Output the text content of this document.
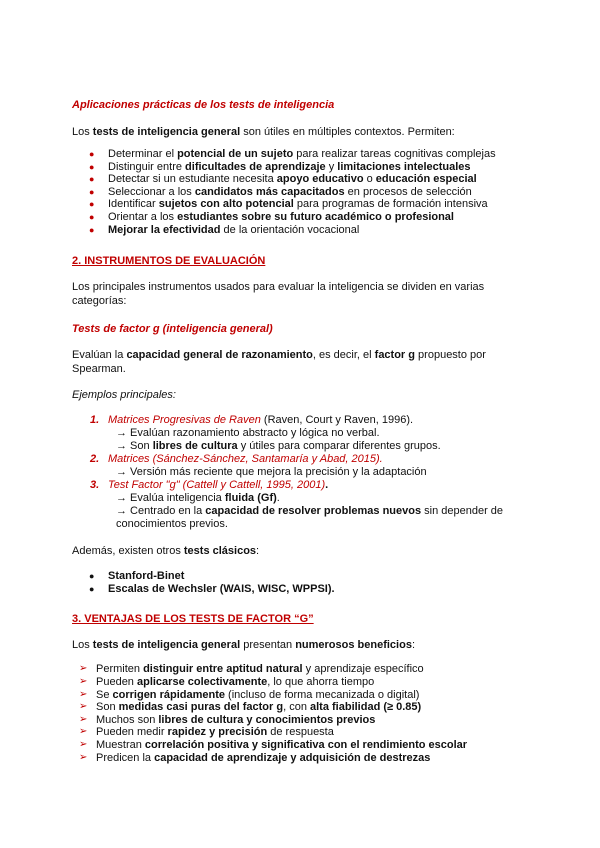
Aplicaciones prácticas de los tests de inteligencia

Los tests de inteligencia general son útiles en múltiples contextos. Permiten:

● Determinar el potencial de un sujeto para realizar tareas cognitivas complejas
● Distinguir entre dificultades de aprendizaje y limitaciones intelectuales
● Detectar si un estudiante necesita apoyo educativo o educación especial
● Seleccionar a los candidatos más capacitados en procesos de selección
● Identificar sujetos con alto potencial para programas de formación intensiva
● Orientar a los estudiantes sobre su futuro académico o profesional
● Mejorar la efectividad de la orientación vocacional

2. INSTRUMENTOS DE EVALUACIÓN

Los principales instrumentos usados para evaluar la inteligencia se dividen en varias categorías:

Tests de factor g (inteligencia general)

Evalúan la capacidad general de razonamiento, es decir, el factor g propuesto por Spearman.

Ejemplos principales:

1. Matrices Progresivas de Raven (Raven, Court y Raven, 1996).
→ Evalúan razonamiento abstracto y lógica no verbal.
→ Son libres de cultura y útiles para comparar diferentes grupos.
2. Matrices (Sánchez-Sánchez, Santamaría y Abad, 2015).
→ Versión más reciente que mejora la precisión y la adaptación
3. Test Factor "g" (Cattell y Cattell, 1995, 2001).
→ Evalúa inteligencia fluida (Gf).
→ Centrado en la capacidad de resolver problemas nuevos sin depender de conocimientos previos.

Además, existen otros tests clásicos:

● Stanford-Binet
● Escalas de Wechsler (WAIS, WISC, WPPSI).

3. VENTAJAS DE LOS TESTS DE FACTOR “G”

Los tests de inteligencia general presentan numerosos beneficios:

➢ Permiten distinguir entre aptitud natural y aprendizaje específico
➢ Pueden aplicarse colectivamente, lo que ahorra tiempo
➢ Se corrigen rápidamente (incluso de forma mecanizada o digital)
➢ Son medidas casi puras del factor g, con alta fiabilidad (≥ 0.85)
➢ Muchos son libres de cultura y conocimientos previos
➢ Pueden medir rapidez y precisión de respuesta
➢ Muestran correlación positiva y significativa con el rendimiento escolar
➢ Predicen la capacidad de aprendizaje y adquisición de destrezas
